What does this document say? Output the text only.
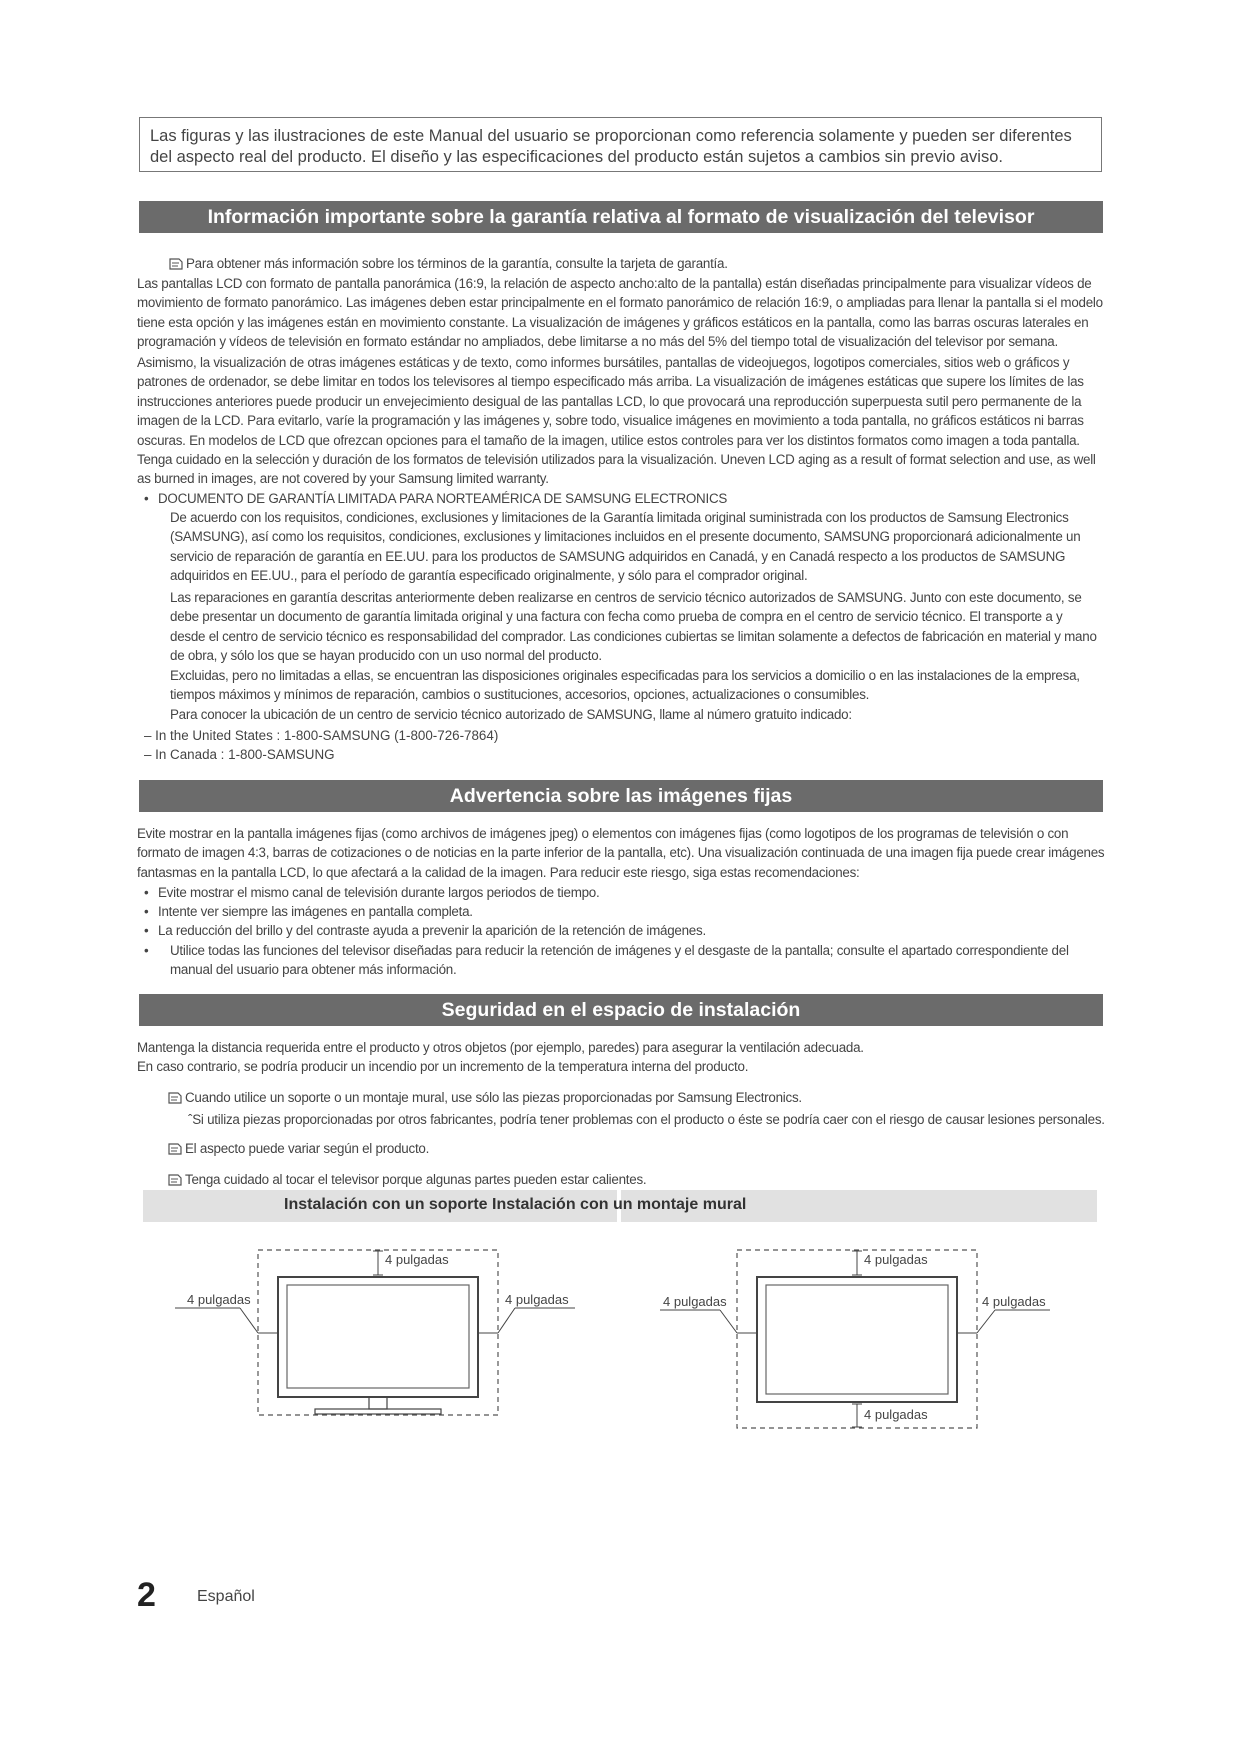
Las figuras y las ilustraciones de este Manual del usuario se proporcionan como referencia solamente y pueden ser diferentes del aspecto real del producto. El diseño y las especificaciones del producto están sujetos a cambios sin previo aviso.
Información importante sobre la garantía relativa al formato de visualización del televisor
Para obtener más información sobre los términos de la garantía, consulte la tarjeta de garantía.
Las pantallas LCD con formato de pantalla panorámica (16:9, la relación de aspecto ancho:alto de la pantalla) están diseñadas principalmente para visualizar vídeos de movimiento de formato panorámico. Las imágenes deben estar principalmente en el formato panorámico de relación 16:9, o ampliadas para llenar la pantalla si el modelo tiene esta opción y las imágenes están en movimiento constante. La visualización de imágenes y gráficos estáticos en la pantalla, como las barras oscuras laterales en programación y vídeos de televisión en formato estándar no ampliados, debe limitarse a no más del 5% del tiempo total de visualización del televisor por semana.
Asimismo, la visualización de otras imágenes estáticas y de texto, como informes bursátiles, pantallas de videojuegos, logotipos comerciales, sitios web o gráficos y patrones de ordenador, se debe limitar en todos los televisores al tiempo especificado más arriba. La visualización de imágenes estáticas que supere los límites de las instrucciones anteriores puede producir un envejecimiento desigual de las pantallas LCD, lo que provocará una reproducción superpuesta sutil pero permanente de la imagen de la LCD. Para evitarlo, varíe la programación y las imágenes y, sobre todo, visualice imágenes en movimiento a toda pantalla, no gráficos estáticos ni barras oscuras. En modelos de LCD que ofrezcan opciones para el tamaño de la imagen, utilice estos controles para ver los distintos formatos como imagen a toda pantalla.
Tenga cuidado en la selección y duración de los formatos de televisión utilizados para la visualización. Uneven LCD aging as a result of format selection and use, as well as burned in images, are not covered by your Samsung limited warranty.
• DOCUMENTO DE GARANTÍA LIMITADA PARA NORTEAMÉRICA DE SAMSUNG ELECTRONICS
De acuerdo con los requisitos, condiciones, exclusiones y limitaciones de la Garantía limitada original suministrada con los productos de Samsung Electronics (SAMSUNG), así como los requisitos, condiciones, exclusiones y limitaciones incluidos en el presente documento, SAMSUNG proporcionará adicionalmente un servicio de reparación de garantía en EE.UU. para los productos de SAMSUNG adquiridos en Canadá, y en Canadá respecto a los productos de SAMSUNG adquiridos en EE.UU., para el período de garantía especificado originalmente, y sólo para el comprador original.
Las reparaciones en garantía descritas anteriormente deben realizarse en centros de servicio técnico autorizados de SAMSUNG. Junto con este documento, se debe presentar un documento de garantía limitada original y una factura con fecha como prueba de compra en el centro de servicio técnico. El transporte a y desde el centro de servicio técnico es responsabilidad del comprador. Las condiciones cubiertas se limitan solamente a defectos de fabricación en material y mano de obra, y sólo los que se hayan producido con un uso normal del producto.
Excluidas, pero no limitadas a ellas, se encuentran las disposiciones originales especificadas para los servicios a domicilio o en las instalaciones de la empresa, tiempos máximos y mínimos de reparación, cambios o sustituciones, accesorios, opciones, actualizaciones o consumibles.
Para conocer la ubicación de un centro de servicio técnico autorizado de SAMSUNG, llame al número gratuito indicado:
– In the United States : 1-800-SAMSUNG (1-800-726-7864)
– In Canada : 1-800-SAMSUNG
Advertencia sobre las imágenes fijas
Evite mostrar en la pantalla imágenes fijas (como archivos de imágenes jpeg) o elementos con imágenes fijas (como logotipos de los programas de televisión o con formato de imagen 4:3, barras de cotizaciones o de noticias en la parte inferior de la pantalla, etc). Una visualización continuada de una imagen fija puede crear imágenes fantasmas en la pantalla LCD, lo que afectará a la calidad de la imagen. Para reducir este riesgo, siga estas recomendaciones:
• Evite mostrar el mismo canal de televisión durante largos periodos de tiempo.
• Intente ver siempre las imágenes en pantalla completa.
• La reducción del brillo y del contraste ayuda a prevenir la aparición de la retención de imágenes.
• Utilice todas las funciones del televisor diseñadas para reducir la retención de imágenes y el desgaste de la pantalla; consulte el apartado correspondiente del manual del usuario para obtener más información.
Seguridad en el espacio de instalación
Mantenga la distancia requerida entre el producto y otros objetos (por ejemplo, paredes) para asegurar la ventilación adecuada.
En caso contrario, se podría producir un incendio por un incremento de la temperatura interna del producto.
Cuando utilice un soporte o un montaje mural, use sólo las piezas proporcionadas por Samsung Electronics.
ˆSi utiliza piezas proporcionadas por otros fabricantes, podría tener problemas con el producto o éste se podría caer con el riesgo de causar lesiones personales.
El aspecto puede variar según el producto.
Tenga cuidado al tocar el televisor porque algunas partes pueden estar calientes.
Instalación con un soporte Instalación con un montaje mural
4 pulgadas
4 pulgadas	4 pulgadas
4 pulgadas
4 pulgadas	4 pulgadas
4 pulgadas
2	Español
